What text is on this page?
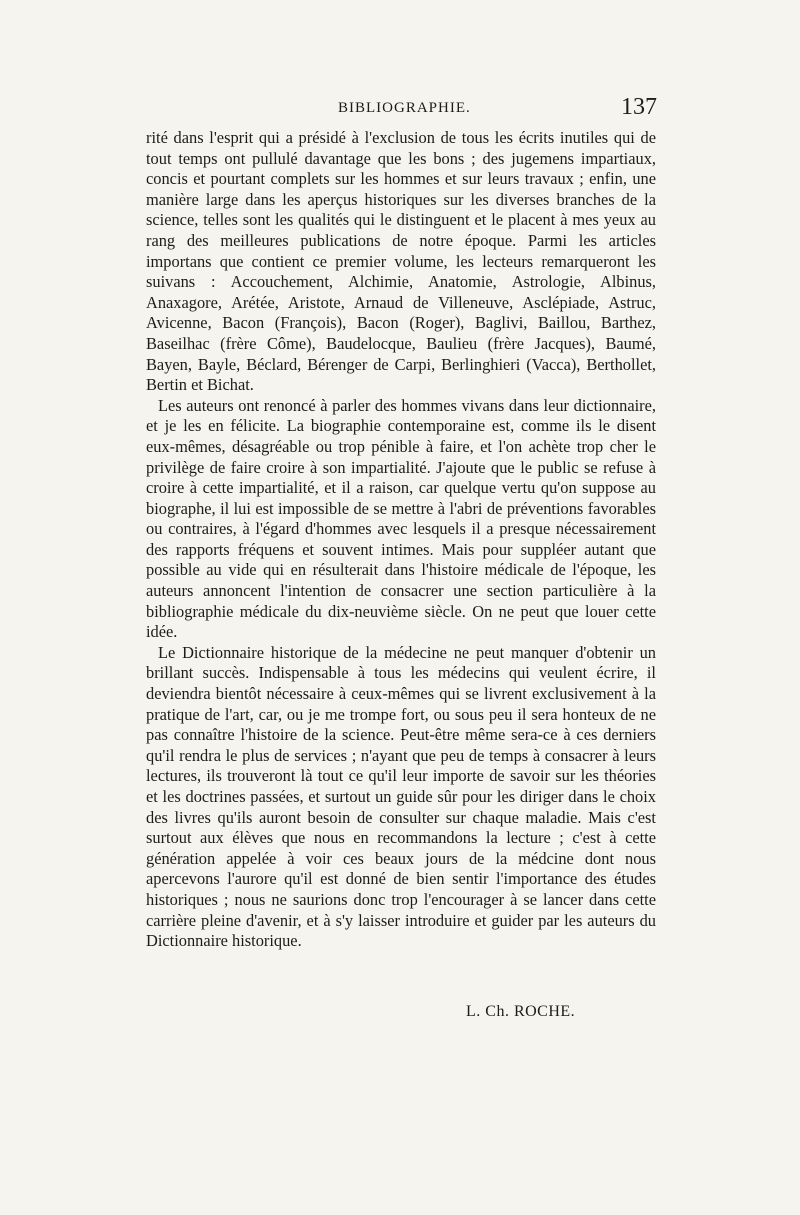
BIBLIOGRAPHIE.	137

rité dans l'esprit qui a présidé à l'exclusion de tous les écrits inutiles qui de tout temps ont pullulé davantage que les bons ; des jugemens impartiaux, concis et pourtant complets sur les hommes et sur leurs travaux ; enfin, une manière large dans les aperçus historiques sur les diverses branches de la science, telles sont les qualités qui le distinguent et le placent à mes yeux au rang des meilleures publications de notre époque. Parmi les articles importans que contient ce premier volume, les lecteurs remarqueront les suivans : Accouchement, Alchimie, Anatomie, Astrologie, Albinus, Anaxagore, Arétée, Aristote, Arnaud de Villeneuve, Asclépiade, Astruc, Avicenne, Bacon (François), Bacon (Roger), Baglivi, Baillou, Barthez, Baseilhac (frère Côme), Baudelocque, Baulieu (frère Jacques), Baumé, Bayen, Bayle, Béclard, Bérenger de Carpi, Berlinghieri (Vacca), Berthollet, Bertin et Bichat.

Les auteurs ont renoncé à parler des hommes vivans dans leur dictionnaire, et je les en félicite. La biographie contemporaine est, comme ils le disent eux-mêmes, désagréable ou trop pénible à faire, et l'on achète trop cher le privilège de faire croire à son impartialité. J'ajoute que le public se refuse à croire à cette impartialité, et il a raison, car quelque vertu qu'on suppose au biographe, il lui est impossible de se mettre à l'abri de préventions favorables ou contraires, à l'égard d'hommes avec lesquels il a presque nécessairement des rapports fréquens et souvent intimes. Mais pour suppléer autant que possible au vide qui en résulterait dans l'histoire médicale de l'époque, les auteurs annoncent l'intention de consacrer une section particulière à la bibliographie médicale du dix-neuvième siècle. On ne peut que louer cette idée.

Le Dictionnaire historique de la médecine ne peut manquer d'obtenir un brillant succès. Indispensable à tous les médecins qui veulent écrire, il deviendra bientôt nécessaire à ceux-mêmes qui se livrent exclusivement à la pratique de l'art, car, ou je me trompe fort, ou sous peu il sera honteux de ne pas connaître l'histoire de la science. Peut-être même sera-ce à ces derniers qu'il rendra le plus de services ; n'ayant que peu de temps à consacrer à leurs lectures, ils trouveront là tout ce qu'il leur importe de savoir sur les théories et les doctrines passées, et surtout un guide sûr pour les diriger dans le choix des livres qu'ils auront besoin de consulter sur chaque maladie. Mais c'est surtout aux élèves que nous en recommandons la lecture ; c'est à cette génération appelée à voir ces beaux jours de la médcine dont nous apercevons l'aurore qu'il est donné de bien sentir l'importance des études historiques ; nous ne saurions donc trop l'encourager à se lancer dans cette carrière pleine d'avenir, et à s'y laisser introduire et guider par les auteurs du Dictionnaire historique.

L. Ch. ROCHE.
